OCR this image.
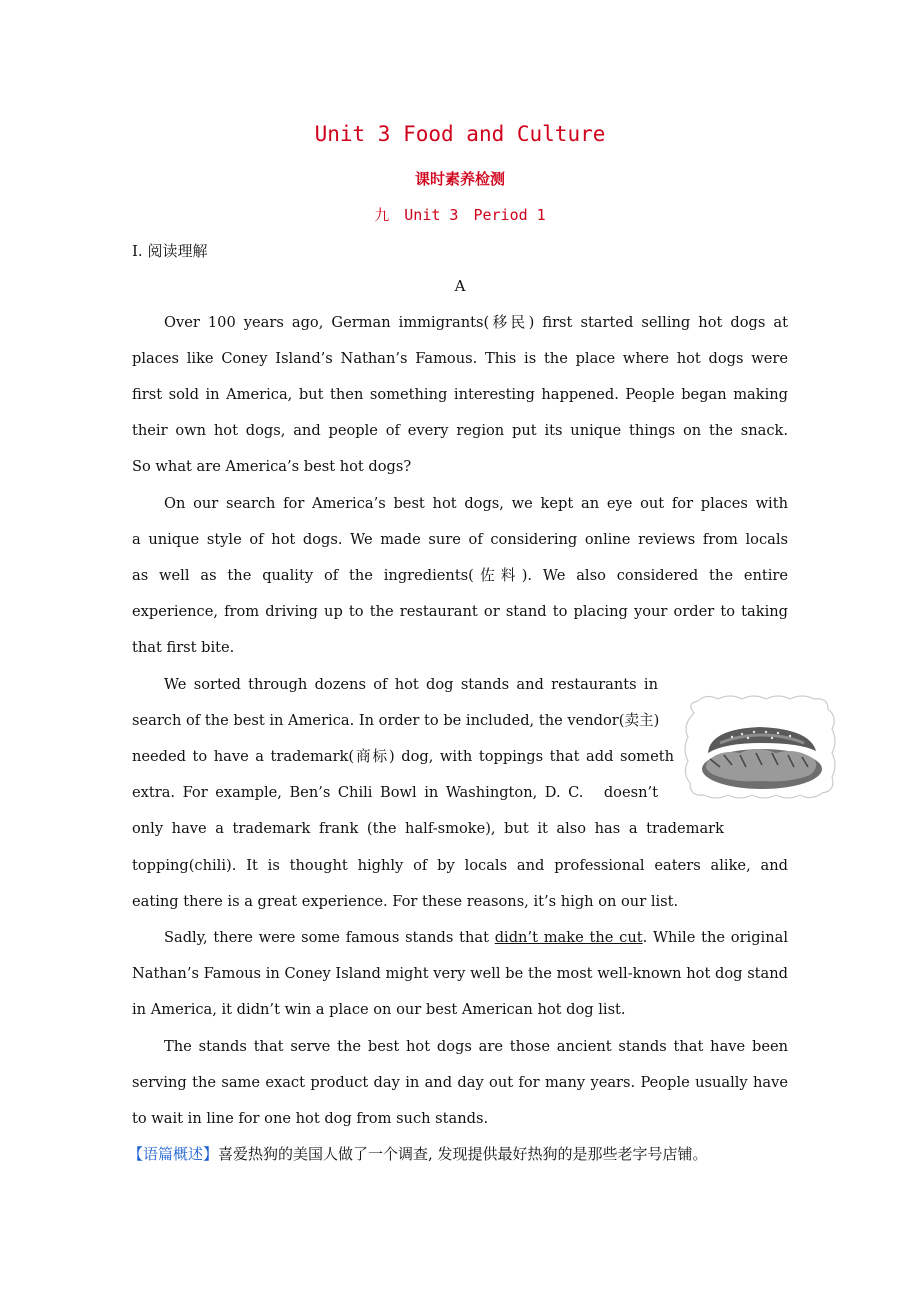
Unit 3 Food and Culture
课时素养检测
九　Unit 3　Period 1
Ⅰ. 阅读理解
A
Over 100 years ago, German immigrants(移民) first started selling hot dogs at
places like Coney Island’s Nathan’s Famous. This is the place where hot dogs were
first sold in America, but then something interesting happened. People began making
their own hot dogs, and people of every region put its unique things on the snack.
So what are America’s best hot dogs?
On our search for America’s best hot dogs, we kept an eye out for places with
a unique style of hot dogs. We made sure of considering online reviews from locals
as well as the quality of the ingredients(佐料). We also considered the entire
experience, from driving up to the restaurant or stand to placing your order to taking
that first bite.
We sorted through dozens of hot dog stands and restaurants in
search of the best in America. In order to be included, the vendor(卖主)
needed to have a trademark(商标) dog, with toppings that add someth
extra. For example, Ben’s Chili Bowl in Washington, D. C.　doesn’t
only have a trademark frank (the half-smoke), but it also has a trademark
topping(chili). It is thought highly of by locals and professional eaters alike, and
eating there is a great experience. For these reasons, it’s high on our list.
Sadly, there were some famous stands that didn’t make the cut. While the original
Nathan’s Famous in Coney Island might very well be the most well-known hot dog stand
in America, it didn’t win a place on our best American hot dog list.
The stands that serve the best hot dogs are those ancient stands that have been
serving the same exact product day in and day out for many years. People usually have
to wait in line for one hot dog from such stands.
【语篇概述】喜爱热狗的美国人做了一个调查, 发现提供最好热狗的是那些老字号店铺。
